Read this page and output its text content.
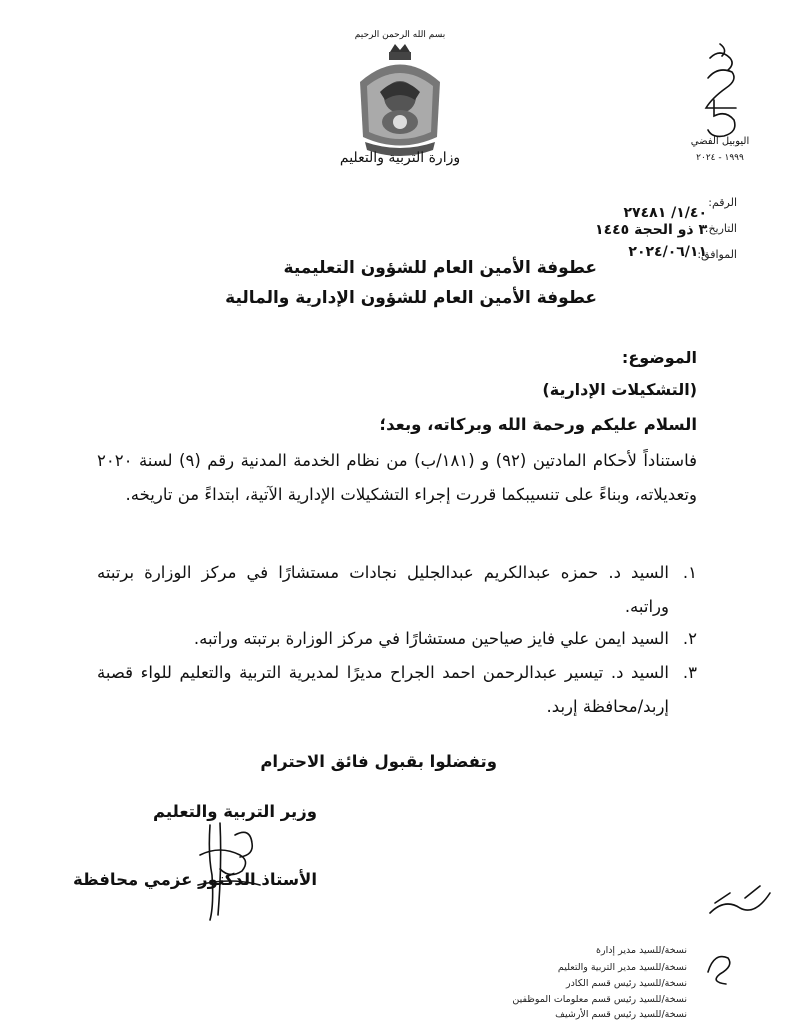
بسم الله الرحمن الرحيم
وزارة التربية والتعليم
اليوبيل الفضي
١٩٩٩ - ٢٠٢٤
الرقم:
١/٤٠/ ٢٧٤٨١
التاريخ:
٣ ذو الحجة ١٤٤٥
الموافق:
٢٠٢٤/٠٦/١١
عطوفة الأمين العام للشؤون التعليمية
عطوفة الأمين العام للشؤون الإدارية والمالية
الموضوع:
(التشكيلات الإدارية)
السلام عليكم ورحمة الله وبركاته، وبعد؛
فاستناداً لأحكام المادتين (٩٢) و (١٨١/ب) من نظام الخدمة المدنية رقم (٩) لسنة ٢٠٢٠ وتعديلاته، وبناءً على تنسيبكما قررت إجراء التشكيلات الإدارية الآتية، ابتداءً من تاريخه.
١.
السيد د. حمزه عبدالكريم عبدالجليل نجادات مستشارًا في مركز الوزارة برتبته وراتبه.
٢.
السيد ايمن علي فايز صياحين مستشارًا في مركز الوزارة برتبته وراتبه.
٣.
السيد د. تيسير عبدالرحمن احمد الجراح مديرًا لمديرية التربية والتعليم للواء قصبة إربد/محافظة إربد.
وتفضلوا بقبول فائق الاحترام
وزير التربية والتعليم
الأستاذ الدكتور عزمي محافظة
نسخة/للسيد مدير إدارة
نسخة/للسيد مدير التربية والتعليم
نسخة/للسيد رئيس قسم الكادر
نسخة/للسيد رئيس قسم معلومات الموظفين
نسخة/للسيد رئيس قسم الأرشيف
